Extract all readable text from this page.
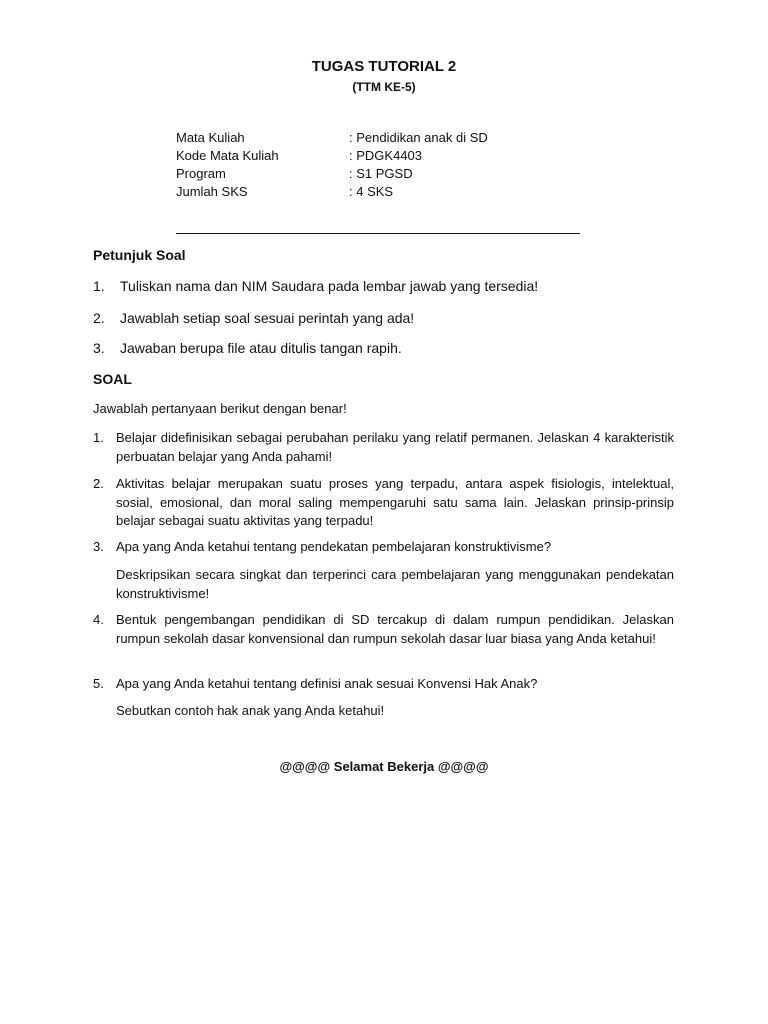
TUGAS TUTORIAL 2
(TTM KE-5)
Mata Kuliah	: Pendidikan anak di SD
Kode Mata Kuliah	: PDGK4403
Program	: S1 PGSD
Jumlah SKS	: 4 SKS
Petunjuk Soal
1. Tuliskan nama dan NIM Saudara pada lembar jawab yang tersedia!
2. Jawablah setiap soal sesuai perintah yang ada!
3. Jawaban berupa file atau ditulis tangan rapih.
SOAL
Jawablah pertanyaan berikut dengan benar!
1. Belajar didefinisikan sebagai perubahan perilaku yang relatif permanen. Jelaskan 4 karakteristik perbuatan belajar yang Anda pahami!
2. Aktivitas belajar merupakan suatu proses yang terpadu, antara aspek fisiologis, intelektual, sosial, emosional, dan moral saling mempengaruhi satu sama lain. Jelaskan prinsip-prinsip belajar sebagai suatu aktivitas yang terpadu!
3. Apa yang Anda ketahui tentang pendekatan pembelajaran konstruktivisme?
Deskripsikan secara singkat dan terperinci cara pembelajaran yang menggunakan pendekatan konstruktivisme!
4. Bentuk pengembangan pendidikan di SD tercakup di dalam rumpun pendidikan. Jelaskan rumpun sekolah dasar konvensional dan rumpun sekolah dasar luar biasa yang Anda ketahui!
5. Apa yang Anda ketahui tentang definisi anak sesuai Konvensi Hak Anak?
Sebutkan contoh hak anak yang Anda ketahui!
@@@@ Selamat Bekerja @@@@
